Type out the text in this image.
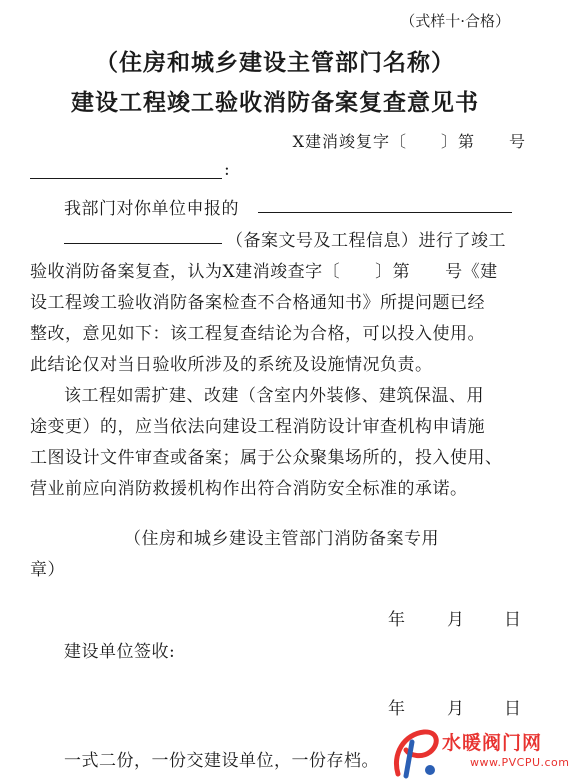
（式样十·合格）
（住房和城乡建设主管部门名称）
建设工程竣工验收消防备案复查意见书
X建消竣复字〔　　〕第　　号
:
我部门对你单位申报的
（备案文号及工程信息）进行了竣工
验收消防备案复查，认为X建消竣查字〔　　〕第　　号《建
设工程竣工验收消防备案检查不合格通知书》所提问题已经
整改，意见如下：该工程复查结论为合格，可以投入使用。
此结论仅对当日验收所涉及的系统及设施情况负责。
该工程如需扩建、改建（含室内外装修、建筑保温、用
途变更）的，应当依法向建设工程消防设计审查机构申请施
工图设计文件审查或备案；属于公众聚集场所的，投入使用、
营业前应向消防救援机构作出符合消防安全标准的承诺。
（住房和城乡建设主管部门消防备案专用
章）
年 月 日
建设单位签收:
年 月 日
一式二份，一份交建设单位，一份存档。
水暖阀门网
www.PVCPU.com
